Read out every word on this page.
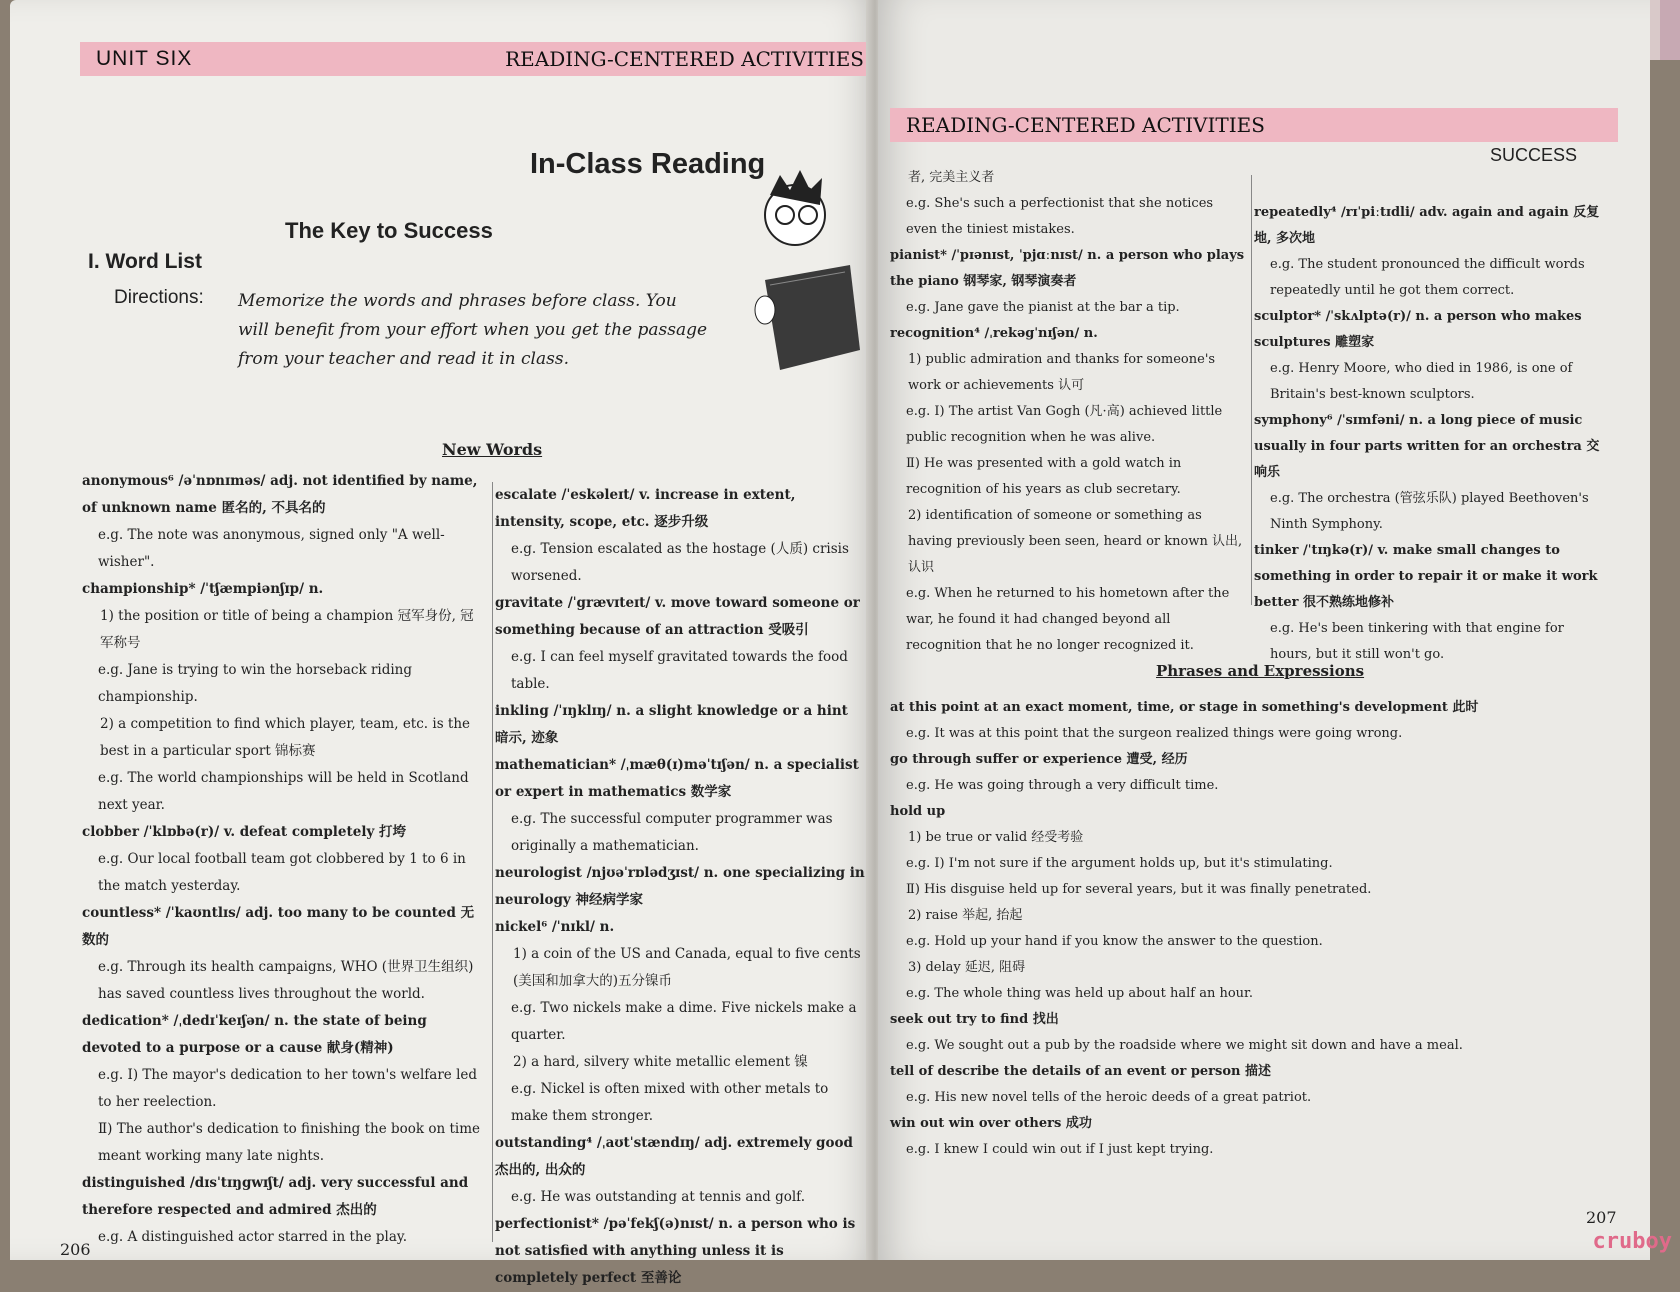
UNIT SIX	READING-CENTERED ACTIVITIES
In-Class Reading
The Key to Success
I. Word List
Directions: Memorize the words and phrases before class. You will benefit from your effort when you get the passage from your teacher and read it in class.
New Words

anonymous⁶ /əˈnɒnɪməs/ adj. not identified by name, of unknown name 匿名的, 不具名的

e.g. The note was anonymous, signed only "A well-wisher".

championship* /ˈtʃæmpiənʃɪp/ n.

1) the position or title of being a champion 冠军身份, 冠军称号

e.g. Jane is trying to win the horseback riding championship.

2) a competition to find which player, team, etc. is the best in a particular sport 锦标赛

e.g. The world championships will be held in Scotland next year.

clobber /ˈklɒbə(r)/ v. defeat completely 打垮

e.g. Our local football team got clobbered by 1 to 6 in the match yesterday.

countless* /ˈkaʊntlɪs/ adj. too many to be counted 无数的

e.g. Through its health campaigns, WHO (世界卫生组织) has saved countless lives throughout the world.

dedication* /ˌdedɪˈkeɪʃən/ n. the state of being devoted to a purpose or a cause 献身(精神)

e.g. Ⅰ) The mayor's dedication to her town's welfare led to her reelection.

Ⅱ) The author's dedication to finishing the book on time meant working many late nights.

distinguished /dɪsˈtɪŋgwɪʃt/ adj. very successful and therefore respected and admired 杰出的

e.g. A distinguished actor starred in the play.

escalate /ˈeskəleɪt/ v. increase in extent, intensity, scope, etc. 逐步升级

e.g. Tension escalated as the hostage (人质) crisis worsened.

gravitate /ˈgrævɪteɪt/ v. move toward someone or something because of an attraction 受吸引

e.g. I can feel myself gravitated towards the food table.

inkling /ˈɪŋklɪŋ/ n. a slight knowledge or a hint 暗示, 迹象

mathematician* /ˌmæθ(ɪ)məˈtɪʃən/ n. a specialist or expert in mathematics 数学家

e.g. The successful computer programmer was originally a mathematician.

neurologist /njʊəˈrɒlədʒɪst/ n. one specializing in neurology 神经病学家

nickel⁶ /ˈnɪkl/ n.

1) a coin of the US and Canada, equal to five cents (美国和加拿大的)五分镍币

e.g. Two nickels make a dime. Five nickels make a quarter.

2) a hard, silvery white metallic element 镍

e.g. Nickel is often mixed with other metals to make them stronger.

outstanding⁴ /ˌaʊtˈstændɪŋ/ adj. extremely good 杰出的, 出众的

e.g. He was outstanding at tennis and golf.

perfectionist* /pəˈfekʃ(ə)nɪst/ n. a person who is not satisfied with anything unless it is completely perfect 至善论

206
READING-CENTERED ACTIVITIES
SUCCESS

者, 完美主义者

e.g. She's such a perfectionist that she notices even the tiniest mistakes.

pianist* /ˈpɪənɪst, ˈpjɑːnɪst/ n. a person who plays the piano 钢琴家, 钢琴演奏者

e.g. Jane gave the pianist at the bar a tip.

recognition⁴ /ˌrekəgˈnɪʃən/ n.

1) public admiration and thanks for someone's work or achievements 认可

e.g. Ⅰ) The artist Van Gogh (凡·高) achieved little public recognition when he was alive.

Ⅱ) He was presented with a gold watch in recognition of his years as club secretary.

2) identification of someone or something as having previously been seen, heard or known 认出, 认识

e.g. When he returned to his hometown after the war, he found it had changed beyond all recognition that he no longer recognized it.

repeatedly⁴ /rɪˈpiːtɪdli/ adv. again and again 反复地, 多次地

e.g. The student pronounced the difficult words repeatedly until he got them correct.

sculptor* /ˈskʌlptə(r)/ n. a person who makes sculptures 雕塑家

e.g. Henry Moore, who died in 1986, is one of Britain's best-known sculptors.

symphony⁶ /ˈsɪmfəni/ n. a long piece of music usually in four parts written for an orchestra 交响乐

e.g. The orchestra (管弦乐队) played Beethoven's Ninth Symphony.

tinker /ˈtɪŋkə(r)/ v. make small changes to something in order to repair it or make it work better 很不熟练地修补

e.g. He's been tinkering with that engine for hours, but it still won't go.

Phrases and Expressions

at this point at an exact moment, time, or stage in something's development 此时

e.g. It was at this point that the surgeon realized things were going wrong.

go through suffer or experience 遭受, 经历

e.g. He was going through a very difficult time.

hold up

1) be true or valid 经受考验

e.g. Ⅰ) I'm not sure if the argument holds up, but it's stimulating.

Ⅱ) His disguise held up for several years, but it was finally penetrated.

2) raise 举起, 抬起

e.g. Hold up your hand if you know the answer to the question.

3) delay 延迟, 阻碍

e.g. The whole thing was held up about half an hour.

seek out try to find 找出

e.g. We sought out a pub by the roadside where we might sit down and have a meal.

tell of describe the details of an event or person 描述

e.g. His new novel tells of the heroic deeds of a great patriot.

win out win over others 成功

e.g. I knew I could win out if I just kept trying.

207
cruboy
